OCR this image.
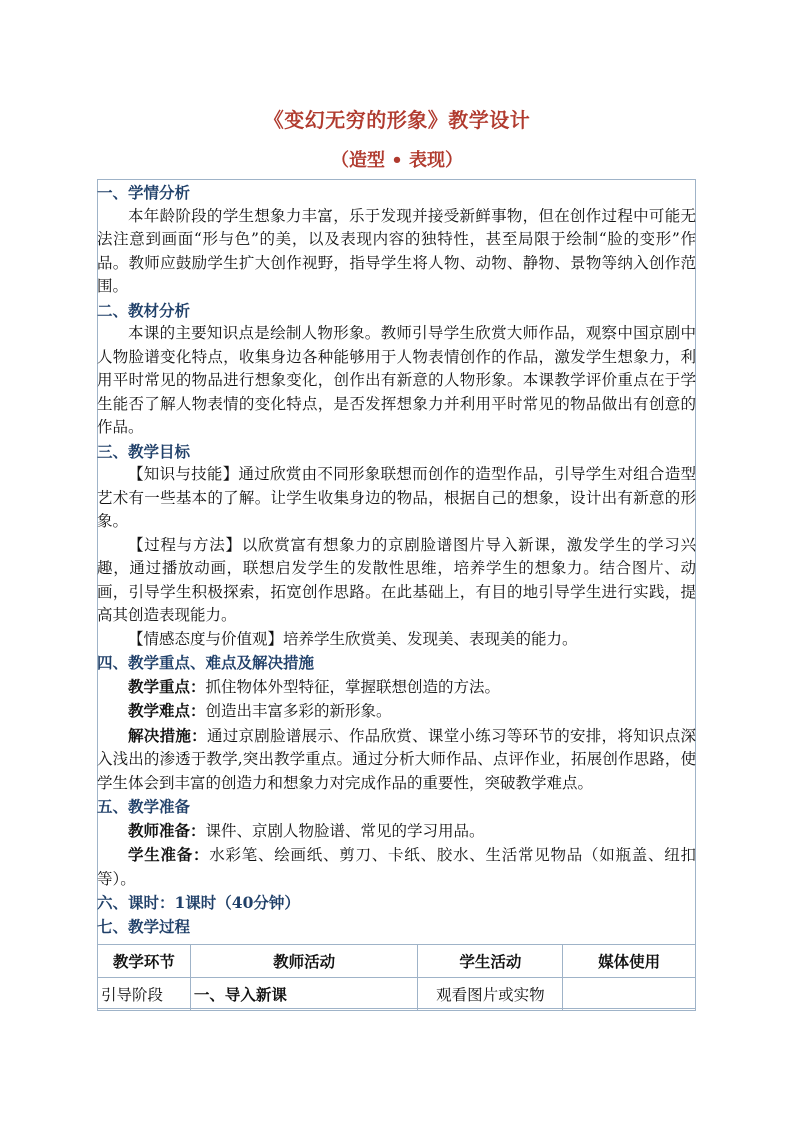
《变幻无穷的形象》教学设计
（造型 • 表现）

一、学情分析

本年龄阶段的学生想象力丰富，乐于发现并接受新鲜事物，但在创作过程中可能无法注意到画面“形与色”的美，以及表现内容的独特性，甚至局限于绘制“脸的变形”作品。教师应鼓励学生扩大创作视野，指导学生将人物、动物、静物、景物等纳入创作范围。

二、教材分析

本课的主要知识点是绘制人物形象。教师引导学生欣赏大师作品，观察中国京剧中人物脸谱变化特点，收集身边各种能够用于人物表情创作的作品，激发学生想象力，利用平时常见的物品进行想象变化，创作出有新意的人物形象。本课教学评价重点在于学生能否了解人物表情的变化特点，是否发挥想象力并利用平时常见的物品做出有创意的作品。

三、教学目标

【知识与技能】通过欣赏由不同形象联想而创作的造型作品，引导学生对组合造型艺术有一些基本的了解。让学生收集身边的物品，根据自己的想象，设计出有新意的形象。

【过程与方法】以欣赏富有想象力的京剧脸谱图片导入新课，激发学生的学习兴趣，通过播放动画，联想启发学生的发散性思维，培养学生的想象力。结合图片、动画，引导学生积极探索，拓宽创作思路。在此基础上，有目的地引导学生进行实践，提高其创造表现能力。

【情感态度与价值观】培养学生欣赏美、发现美、表现美的能力。

四、教学重点、难点及解决措施

教学重点：抓住物体外型特征，掌握联想创造的方法。

教学难点：创造出丰富多彩的新形象。

解决措施：通过京剧脸谱展示、作品欣赏、课堂小练习等环节的安排，将知识点深入浅出的渗透于教学,突出教学重点。通过分析大师作品、点评作业，拓展创作思路，使学生体会到丰富的创造力和想象力对完成作品的重要性，突破教学难点。

五、教学准备

教师准备：课件、京剧人物脸谱、常见的学习用品。

学生准备：水彩笔、绘画纸、剪刀、卡纸、胶水、生活常见物品（如瓶盖、纽扣等）。

六、课时：1课时（40分钟）

七、教学过程

教学环节	教师活动	学生活动	媒体使用
引导阶段	一、导入新课	观看图片或实物	
